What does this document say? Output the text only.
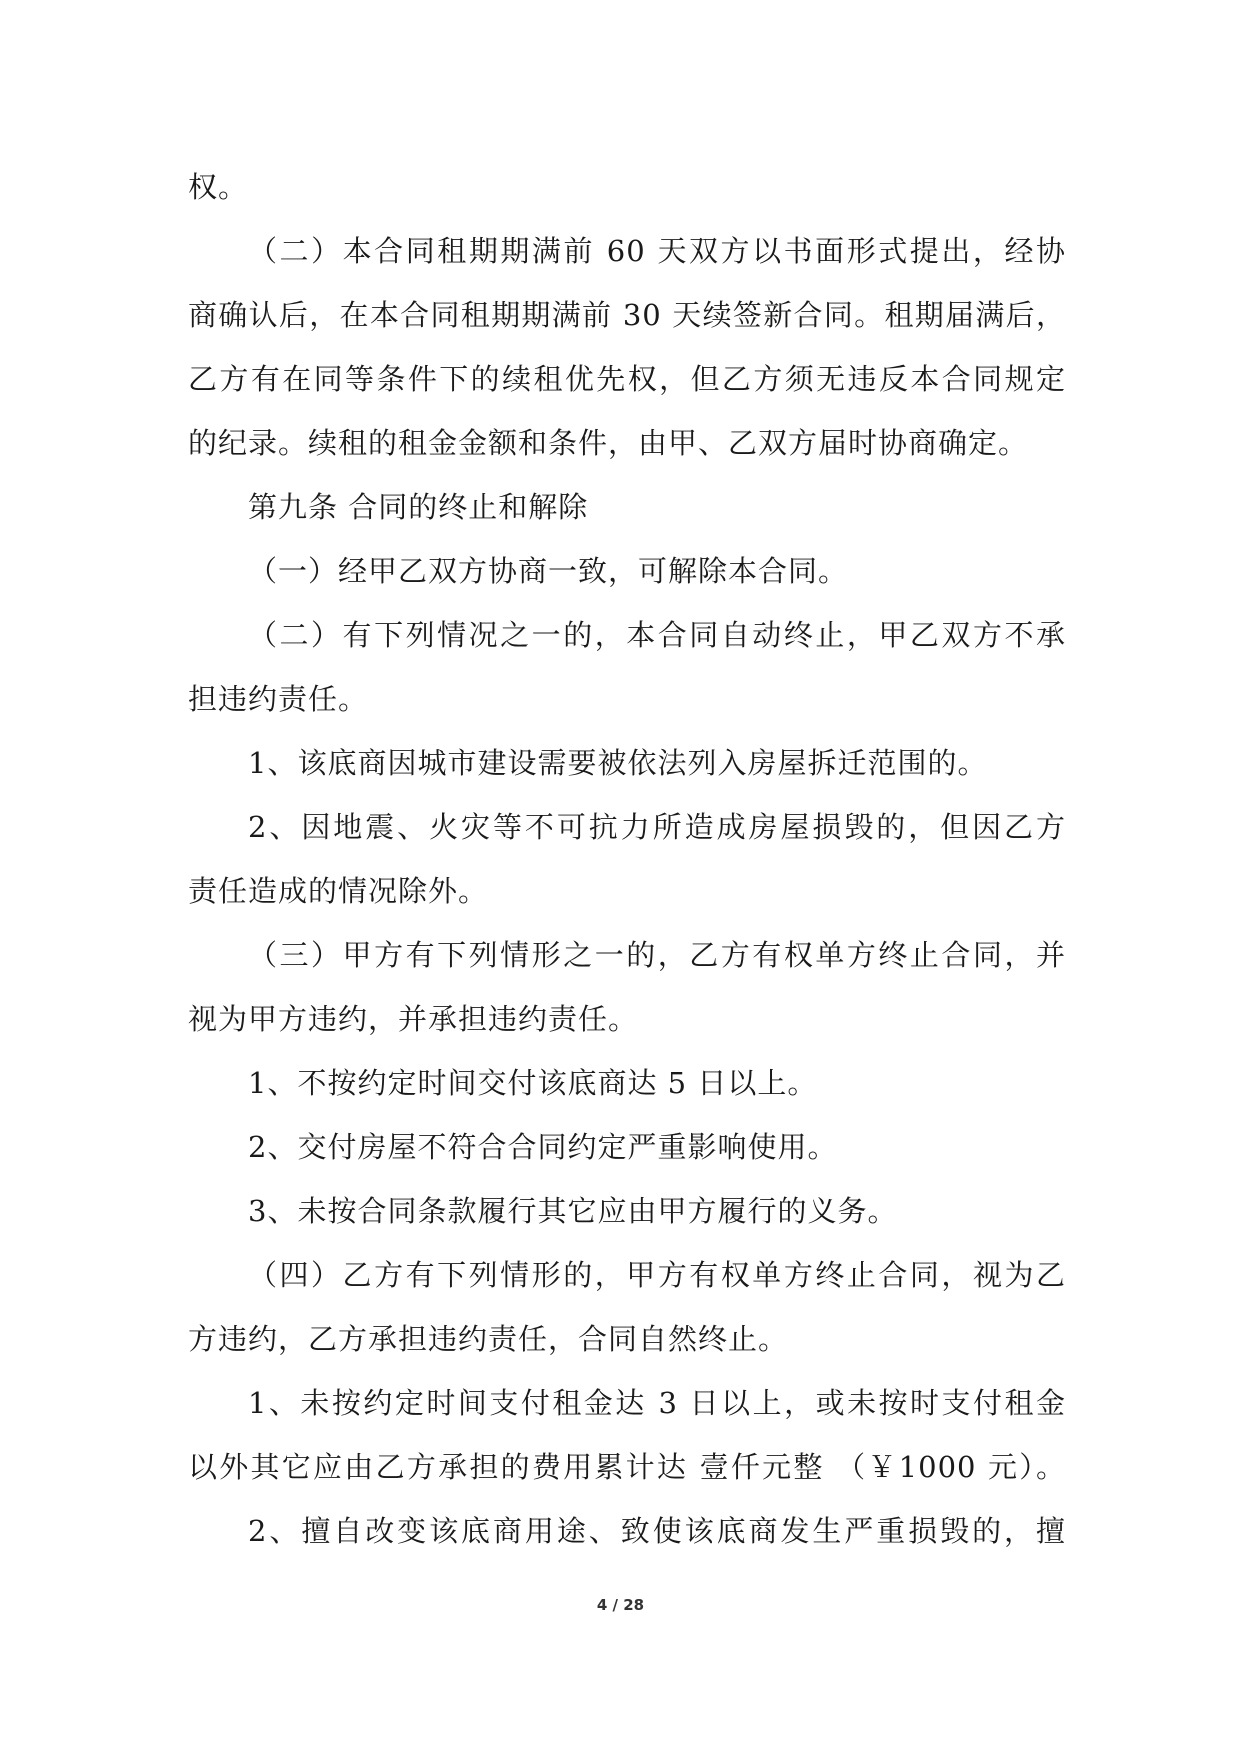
权。
（二）本合同租期期满前 60 天双方以书面形式提出，经协
商确认后，在本合同租期期满前 30 天续签新合同。租期届满后，
乙方有在同等条件下的续租优先权，但乙方须无违反本合同规定
的纪录。续租的租金金额和条件，由甲、乙双方届时协商确定。
第九条 合同的终止和解除
（一）经甲乙双方协商一致，可解除本合同。
（二）有下列情况之一的，本合同自动终止，甲乙双方不承
担违约责任。
1、该底商因城市建设需要被依法列入房屋拆迁范围的。
2、因地震、火灾等不可抗力所造成房屋损毁的，但因乙方
责任造成的情况除外。
（三）甲方有下列情形之一的，乙方有权单方终止合同，并
视为甲方违约，并承担违约责任。
1、不按约定时间交付该底商达 5 日以上。
2、交付房屋不符合合同约定严重影响使用。
3、未按合同条款履行其它应由甲方履行的义务。
（四）乙方有下列情形的，甲方有权单方终止合同，视为乙
方违约，乙方承担违约责任，合同自然终止。
1、未按约定时间支付租金达 3 日以上，或未按时支付租金
以外其它应由乙方承担的费用累计达 壹仟元整 （￥1000 元）。
2、擅自改变该底商用途、致使该底商发生严重损毁的，擅
4 / 28
